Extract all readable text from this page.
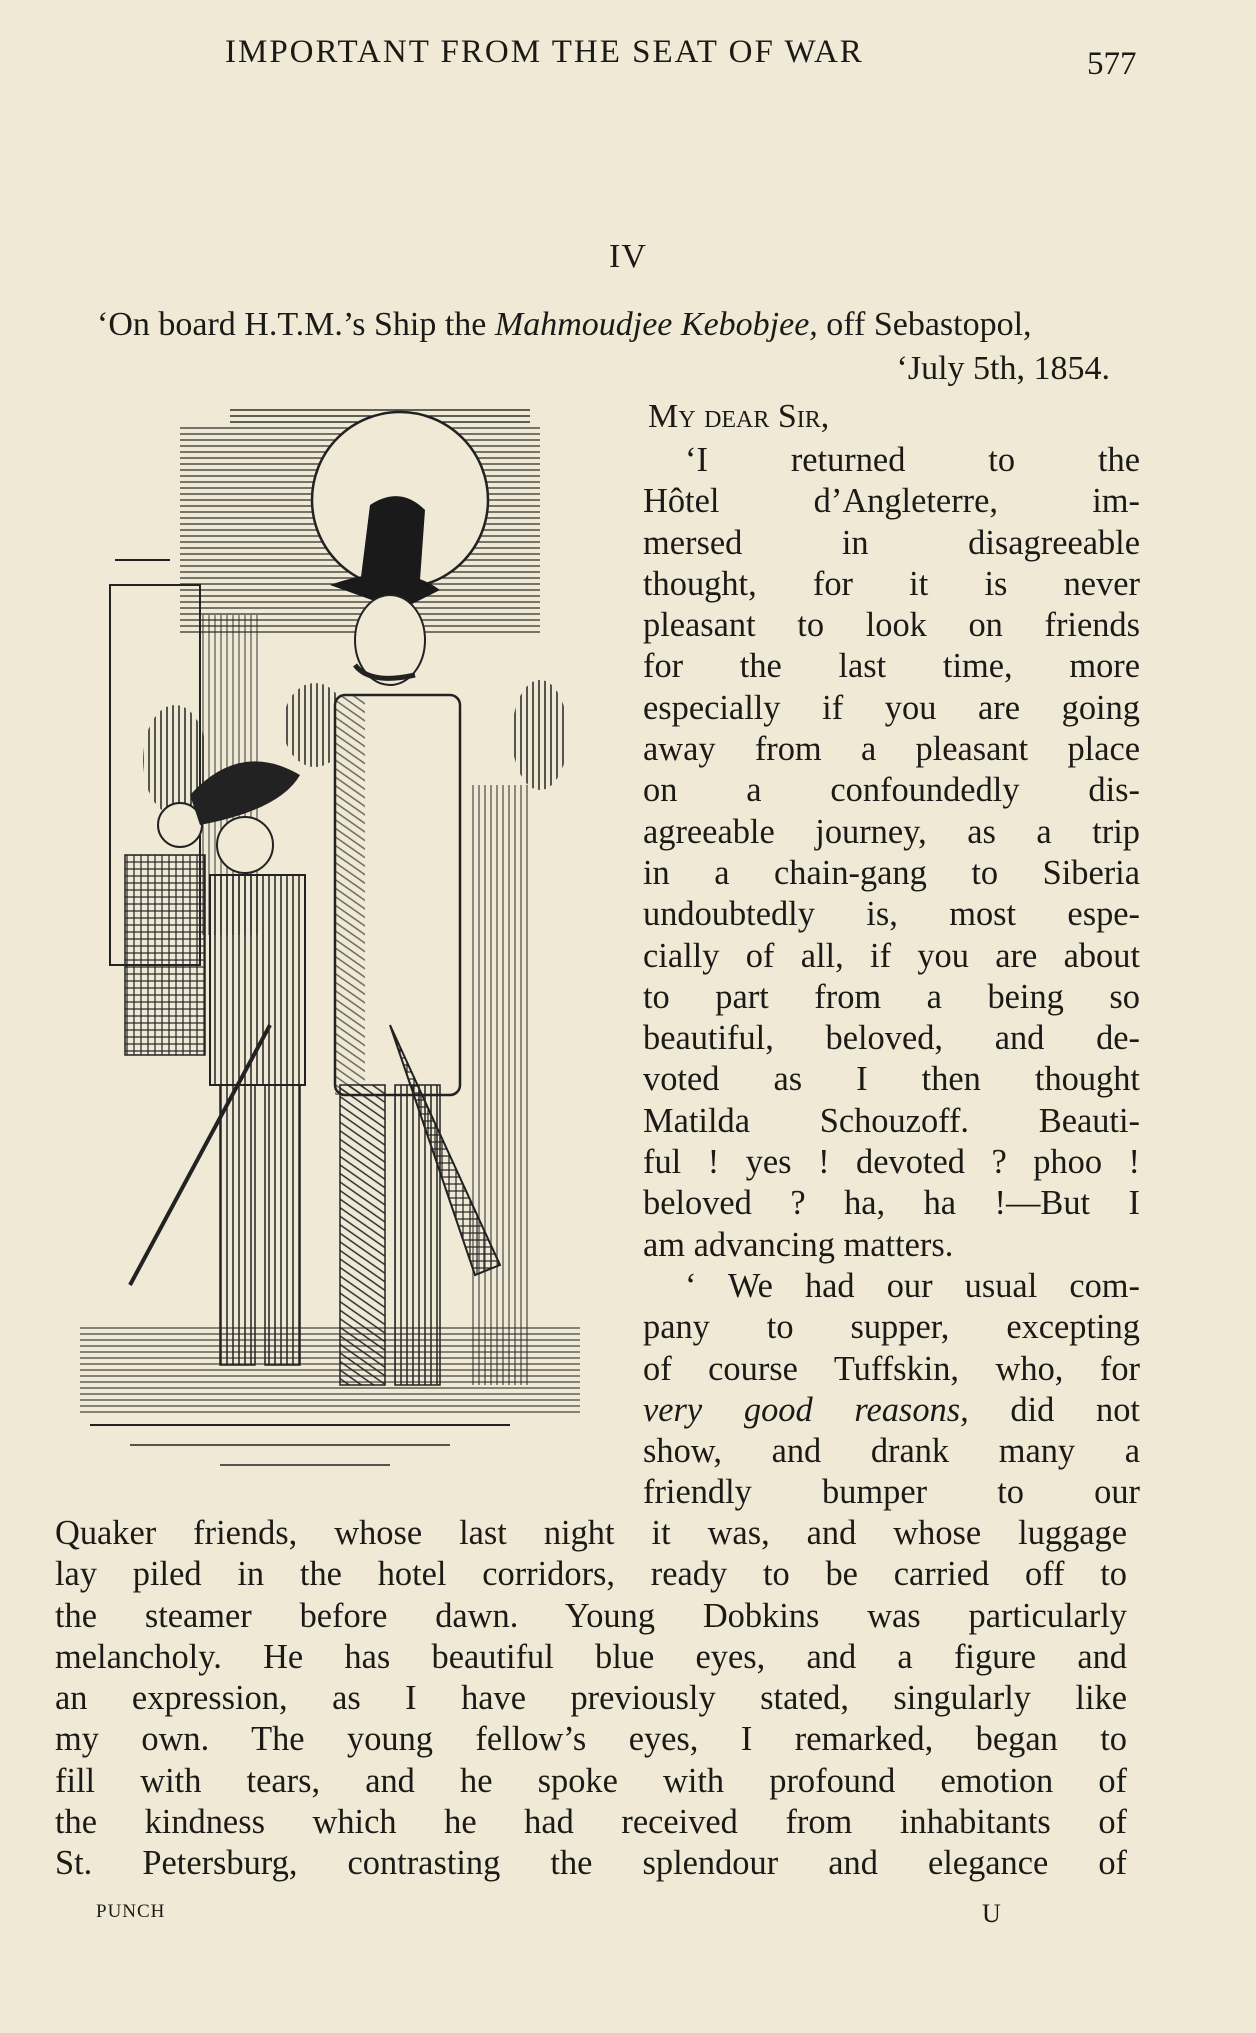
IMPORTANT FROM THE SEAT OF WAR	577
IV
‘On board H.T.M.’s Ship the Mahmoudjee Kebobjee, off Sebastopol,
‘July 5th, 1854.
My dear Sir,
‘I returned to the
Hôtel d’Angleterre, im-
mersed in disagreeable
thought, for it is never
pleasant to look on friends
for the last time, more
especially if you are going
away from a pleasant place
on a confoundedly dis-
agreeable journey, as a trip
in a chain-gang to Siberia
undoubtedly is, most espe-
cially of all, if you are about
to part from a being so
beautiful, beloved, and de-
voted as I then thought
Matilda Schouzoff. Beauti-
ful ! yes ! devoted ? phoo !
beloved ? ha, ha !—But I
am advancing matters.
‘ We had our usual com-
pany to supper, excepting
of course Tuffskin, who, for
very good reasons, did not
show, and drank many a
friendly bumper to our
Quaker friends, whose last night it was, and whose luggage
lay piled in the hotel corridors, ready to be carried off to
the steamer before dawn. Young Dobkins was particularly
melancholy. He has beautiful blue eyes, and a figure and
an expression, as I have previously stated, singularly like
my own. The young fellow’s eyes, I remarked, began to
fill with tears, and he spoke with profound emotion of
the kindness which he had received from inhabitants of
St. Petersburg, contrasting the splendour and elegance of
PUNCH	U
